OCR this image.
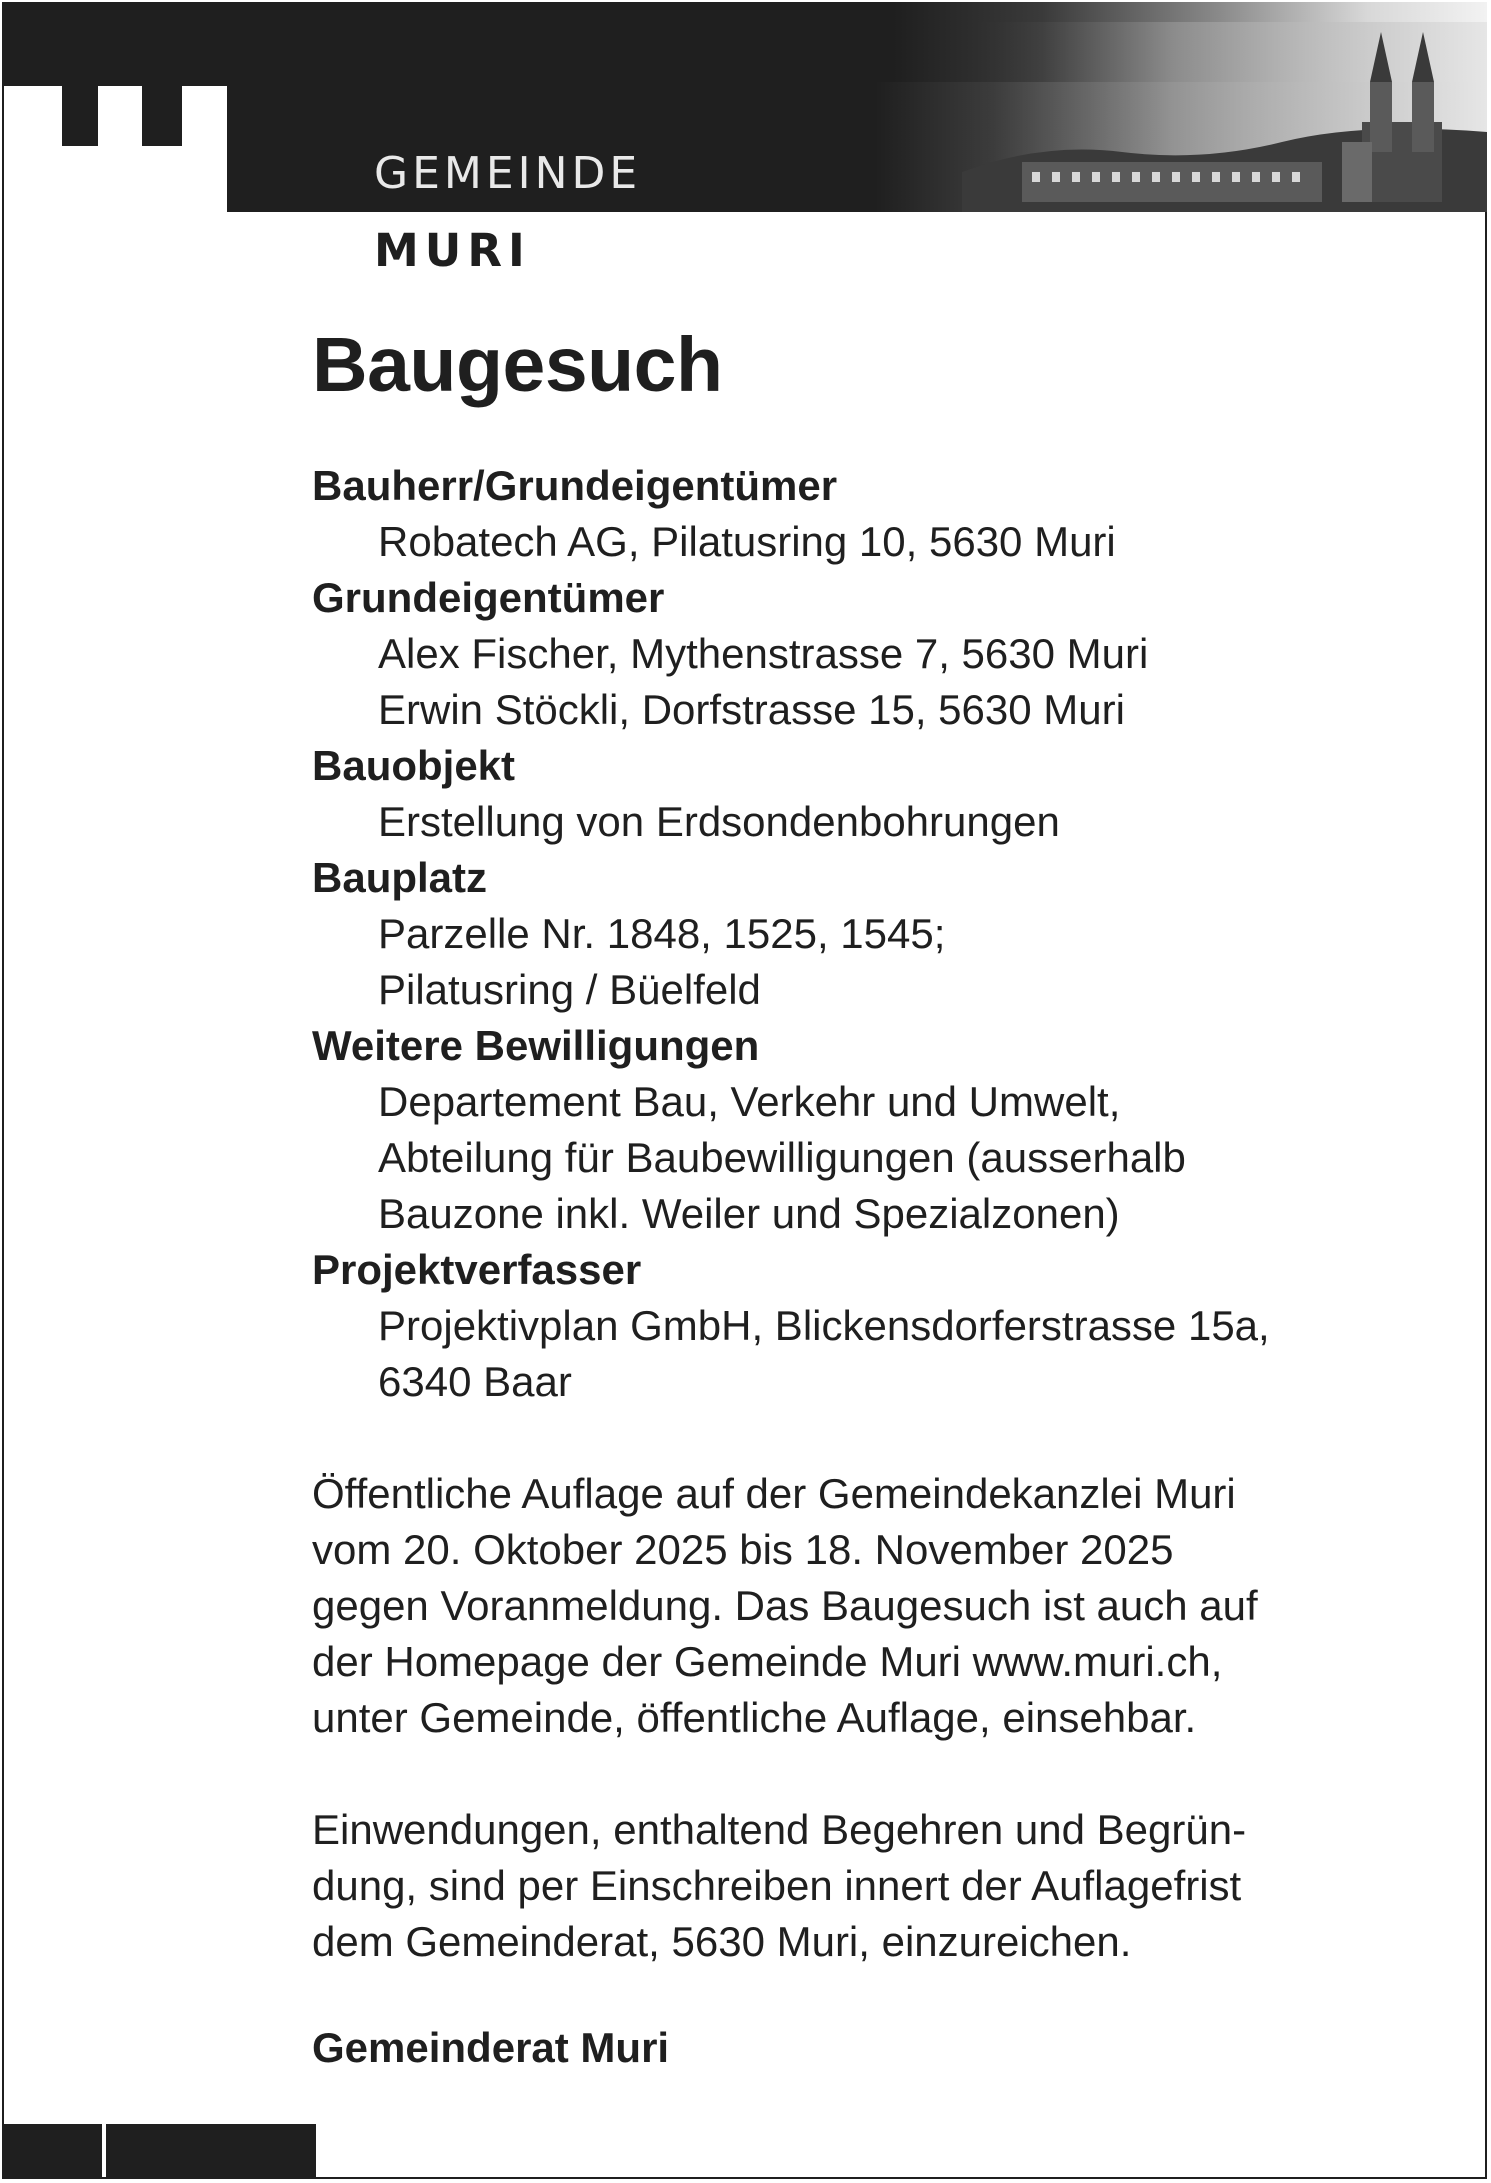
GEMEINDE
MURI
Baugesuch
Bauherr/Grundeigentümer
Robatech AG, Pilatusring 10, 5630 Muri
Grundeigentümer
Alex Fischer, Mythenstrasse 7, 5630 Muri
Erwin Stöckli, Dorfstrasse 15, 5630 Muri
Bauobjekt
Erstellung von Erdsondenbohrungen
Bauplatz
Parzelle Nr. 1848, 1525, 1545;
Pilatusring / Büelfeld
Weitere Bewilligungen
Departement Bau, Verkehr und Umwelt,
Abteilung für Baubewilligungen (ausserhalb
Bauzone inkl. Weiler und Spezialzonen)
Projektverfasser
Projektivplan GmbH, Blickensdorferstrasse 15a,
6340 Baar
Öffentliche Auflage auf der Gemeindekanzlei Muri
vom 20. Oktober 2025 bis 18. November 2025
gegen Voranmeldung. Das Baugesuch ist auch auf
der Homepage der Gemeinde Muri www.muri.ch,
unter Gemeinde, öffentliche Auflage, einsehbar.
Einwendungen, enthaltend Begehren und Begrün-
dung, sind per Einschreiben innert der Auflagefrist
dem Gemeinderat, 5630 Muri, einzureichen.
Gemeinderat Muri
